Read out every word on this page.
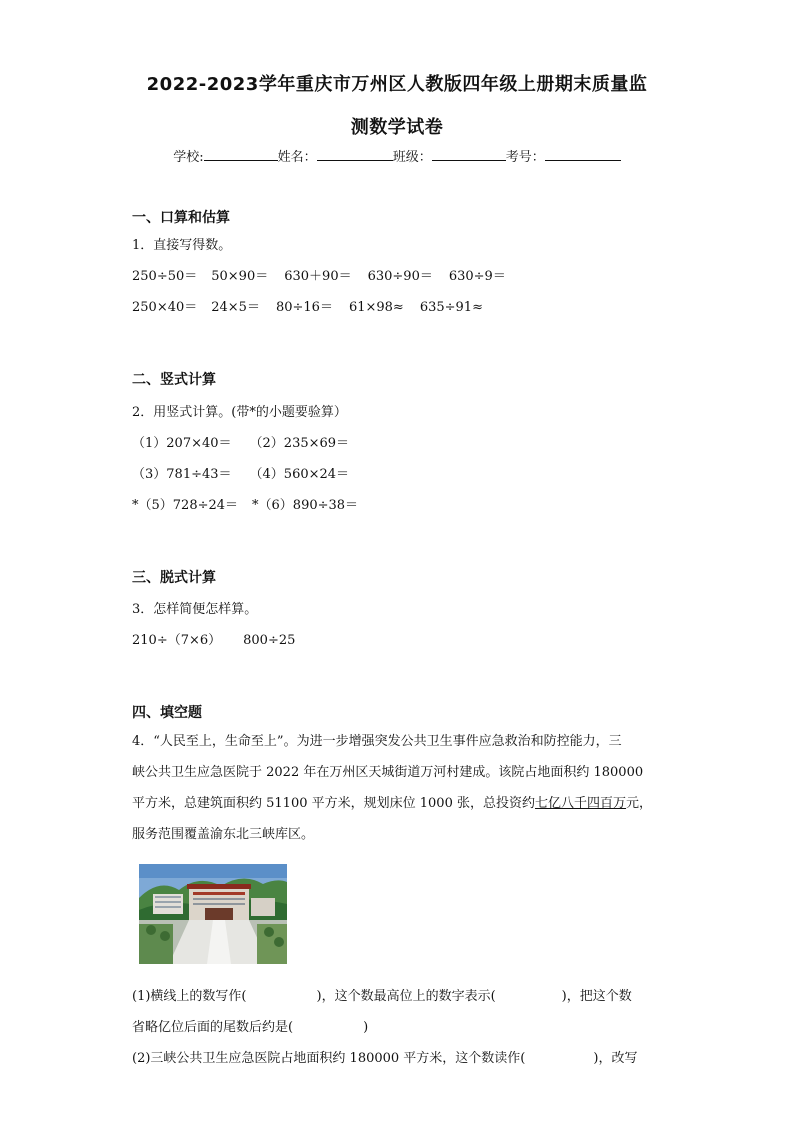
2022-2023学年重庆市万州区人教版四年级上册期末质量监
测数学试卷
学校:	姓名：	班级：	考号：
一、口算和估算
1．直接写得数。
250÷50＝ 50×90＝ 630＋90＝ 630÷90＝ 630÷9＝
250×40＝ 24×5＝ 80÷16＝ 61×98≈ 635÷91≈
二、竖式计算
2．用竖式计算。(带*的小题要验算）
（1）207×40＝ （2）235×69＝
（3）781÷43＝ （4）560×24＝
*（5）728÷24＝ *（6）890÷38＝
三、脱式计算
3．怎样简便怎样算。
210÷（7×6） 800÷25
四、填空题
4．“人民至上，生命至上”。为进一步增强突发公共卫生事件应急救治和防控能力，三
峡公共卫生应急医院于 2022 年在万州区天城街道万河村建成。该院占地面积约 180000
平方米，总建筑面积约 51100 平方米，规划床位 1000 张，总投资约七亿八千四百万元，
服务范围覆盖渝东北三峡库区。
(1)横线上的数写作(	)，这个数最高位上的数字表示(	)，把这个数
省略亿位后面的尾数后约是(	)
(2)三峡公共卫生应急医院占地面积约 180000 平方米，这个数读作(	)，改写
